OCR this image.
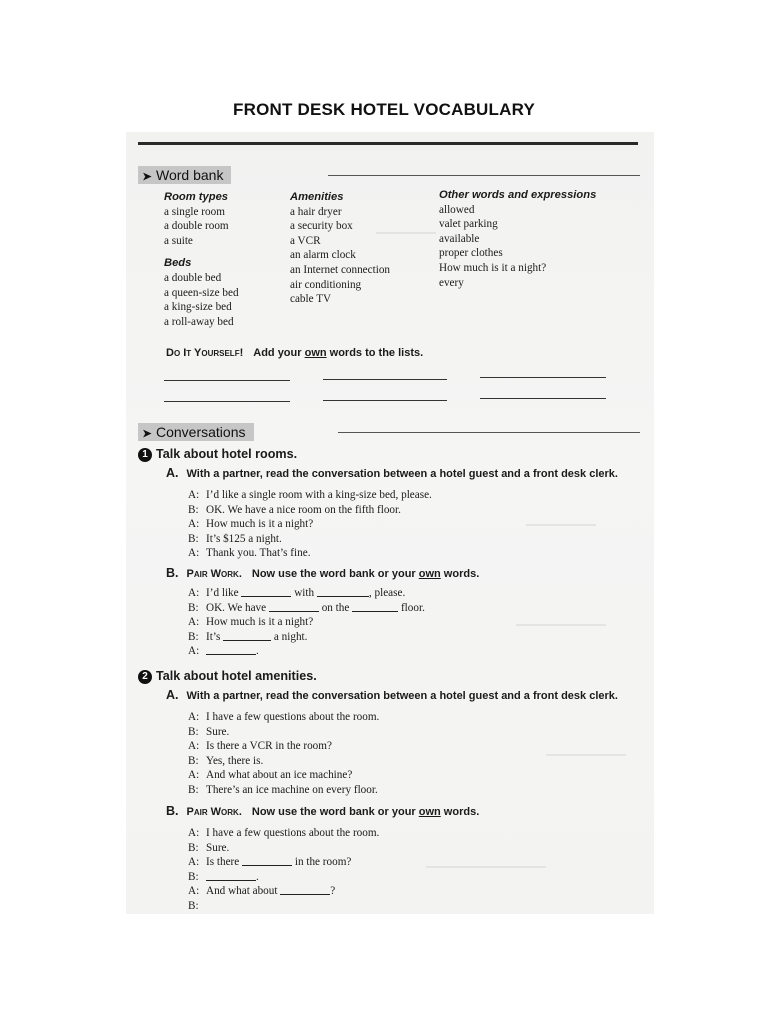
FRONT DESK HOTEL VOCABULARY
➤ Word bank
Room types
a single room
a double room
a suite
Beds
a double bed
a queen-size bed
a king-size bed
a roll-away bed
Amenities
a hair dryer
a security box
a VCR
an alarm clock
an Internet connection
air conditioning
cable TV
Other words and expressions
allowed
valet parking
available
proper clothes
How much is it a night?
every
Do It Yourself! Add your own words to the lists.
➤ Conversations
1 Talk about hotel rooms.
A. With a partner, read the conversation between a hotel guest and a front desk clerk.
A: I’d like a single room with a king-size bed, please.
B: OK. We have a nice room on the fifth floor.
A: How much is it a night?
B: It’s $125 a night.
A: Thank you. That’s fine.
B. Pair Work. Now use the word bank or your own words.
A: I’d like	with	, please.
B: OK. We have	on the	floor.
A: How much is it a night?
B: It’s	a night.
A:	.
2 Talk about hotel amenities.
A. With a partner, read the conversation between a hotel guest and a front desk clerk.
A: I have a few questions about the room.
B: Sure.
A: Is there a VCR in the room?
B: Yes, there is.
A: And what about an ice machine?
B: There’s an ice machine on every floor.
B. Pair Work. Now use the word bank or your own words.
A: I have a few questions about the room.
B: Sure.
A: Is there	in the room?
B:	.
A: And what about	?
B:
